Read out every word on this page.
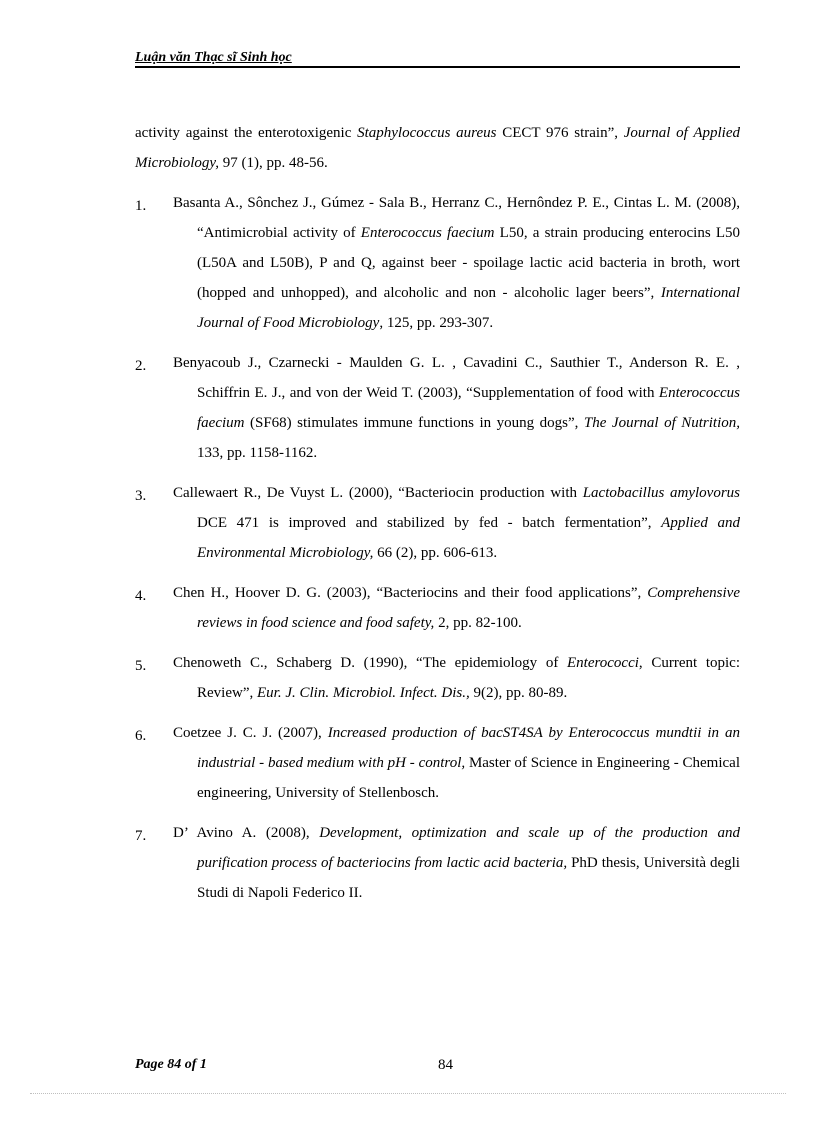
Luận văn Thạc sĩ Sinh học
activity against the enterotoxigenic Staphylococcus aureus CECT 976 strain”, Journal of Applied Microbiology, 97 (1), pp. 48-56.
1.	Basanta A., Sônchez J., Gúmez - Sala B., Herranz C., Hernôndez P. E., Cintas L. M. (2008), “Antimicrobial activity of Enterococcus faecium L50, a strain producing enterocins L50 (L50A and L50B), P and Q, against beer - spoilage lactic acid bacteria in broth, wort (hopped and unhopped), and alcoholic and non - alcoholic lager beers”, International Journal of Food Microbiology, 125, pp. 293-307.
2.	Benyacoub J., Czarnecki - Maulden G. L. , Cavadini C., Sauthier T., Anderson R. E. , Schiffrin E. J., and von der Weid T. (2003), “Supplementation of food with Enterococcus faecium (SF68) stimulates immune functions in young dogs”, The Journal of Nutrition, 133, pp. 1158-1162.
3.	Callewaert R., De Vuyst L. (2000), “Bacteriocin production with Lactobacillus amylovorus DCE 471 is improved and stabilized by fed - batch fermentation”, Applied and Environmental Microbiology, 66 (2), pp. 606-613.
4.	Chen H., Hoover D. G. (2003), “Bacteriocins and their food applications”, Comprehensive reviews in food science and food safety, 2, pp. 82-100.
5.	Chenoweth C., Schaberg D. (1990), “The epidemiology of Enterococci, Current topic: Review”, Eur. J. Clin. Microbiol. Infect. Dis., 9(2), pp. 80-89.
6.	Coetzee J. C. J. (2007), Increased production of bacST4SA by Enterococcus mundtii in an industrial - based medium with pH - control, Master of Science in Engineering - Chemical engineering, University of Stellenbosch.
7.	D’ Avino A. (2008), Development, optimization and scale up of the production and purification process of bacteriocins from lactic acid bacteria, PhD thesis, Università degli Studi di Napoli Federico II.
Page 84 of 1	84
